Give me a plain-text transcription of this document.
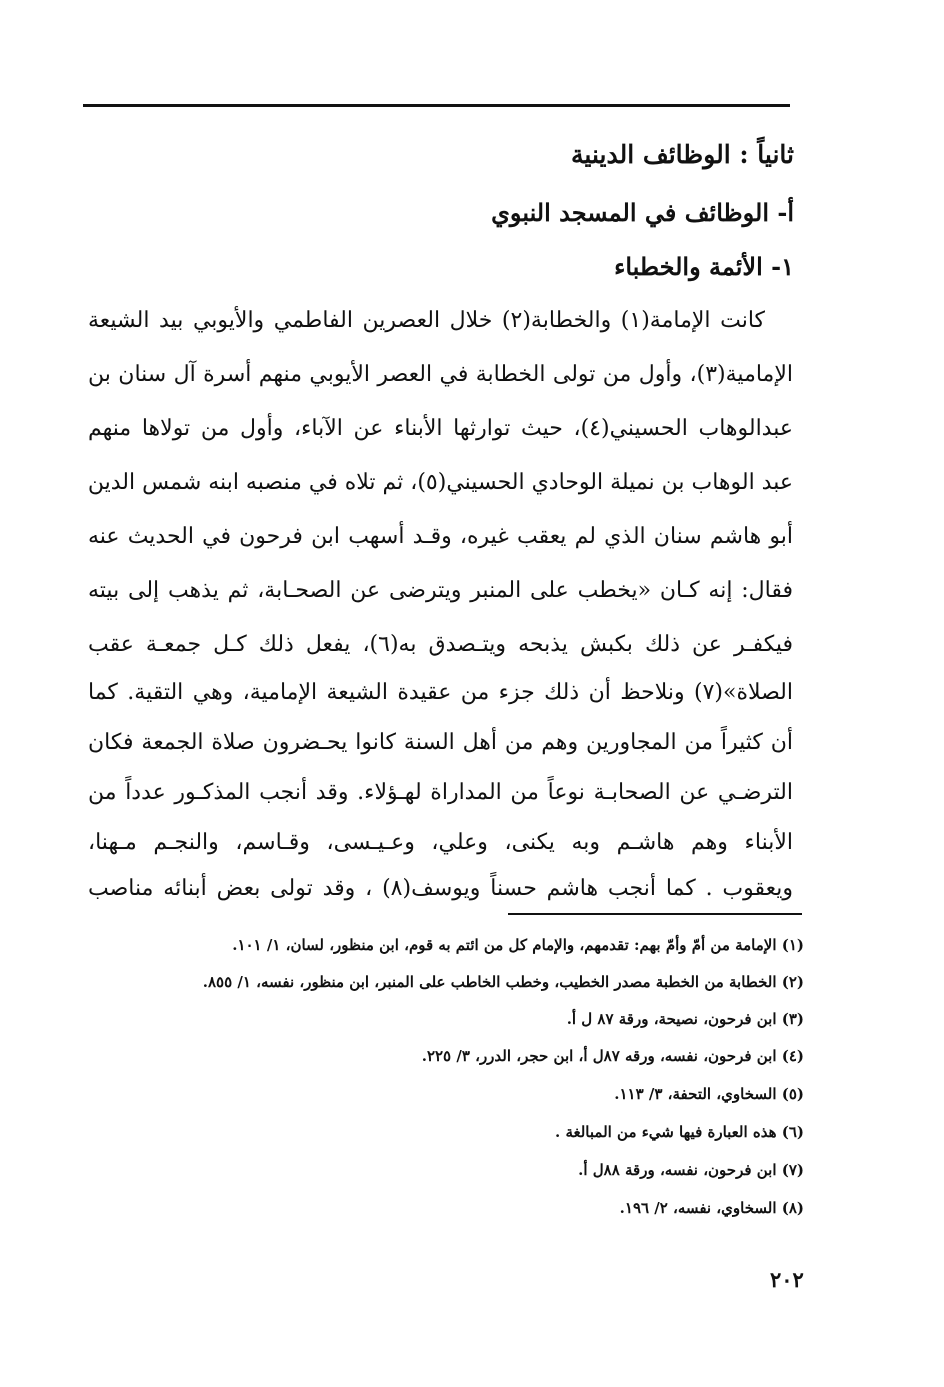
ثانياً : الوظائف الدينية
أ- الوظائف في المسجد النبوي
١- الأئمة والخطباء
كانت الإمامة(١) والخطابة(٢) خلال العصرين الفاطمي والأيوبي بيد الشيعة
الإمامية(٣)، وأول من تولى الخطابة في العصر الأيوبي منهم أسرة آل سنان بن
عبدالوهاب الحسيني(٤)، حيث توارثها الأبناء عن الآباء، وأول من تولاها منهم
عبد الوهاب بن نميلة الوحادي الحسيني(٥)، ثم تلاه في منصبه ابنه شمس الدين
أبو هاشم سنان الذي لم يعقب غيره، وقـد أسهب ابن فرحون في الحديث عنه
فقال: إنه كـان «يخطب على المنبر ويترضى عن الصحـابة، ثم يذهب إلى بيته
فيكفـر عن ذلك بكبش يذبحه ويتـصدق به(٦)، يفعل ذلك كـل جمعـة عقب
الصلاة»(٧) ونلاحظ أن ذلك جزء من عقيدة الشيعة الإمامية، وهي التقية. كما
أن كثيراً من المجاورين وهم من أهل السنة كانوا يحـضرون صلاة الجمعة فكان
الترضـي عن الصحابـة نوعاً من المداراة لهـؤلاء. وقد أنجب المذكـور عدداً من
الأبناء وهم هاشـم وبه يكنى، وعلي، وعـيـسى، وقـاسم، والنجـم مـهنا،
ويعقوب . كما أنجب هاشم حسناً ويوسف(٨) ، وقد تولى بعض أبنائه مناصب
(١) الإمامة من أمّ وأمّ بهم: تقدمهم، والإمام كل من ائتم به قوم، ابن منظور، لسان، ١/ ١٠١.
(٢) الخطابة من الخطبة مصدر الخطيب، وخطب الخاطب على المنبر، ابن منظور، نفسه، ١/ ٨٥٥.
(٣) ابن فرحون، نصيحة، ورقة ٨٧ ل أ.
(٤) ابن فرحون، نفسه، ورقه ٨٧ل أ، ابن حجر، الدرر، ٣/ ٢٢٥.
(٥) السخاوي، التحفة، ٣/ ١١٣.
(٦) هذه العبارة فيها شيء من المبالغة .
(٧) ابن فرحون، نفسه، ورقة ٨٨ل أ.
(٨) السخاوي، نفسه، ٢/ ١٩٦.
٢٠٢
